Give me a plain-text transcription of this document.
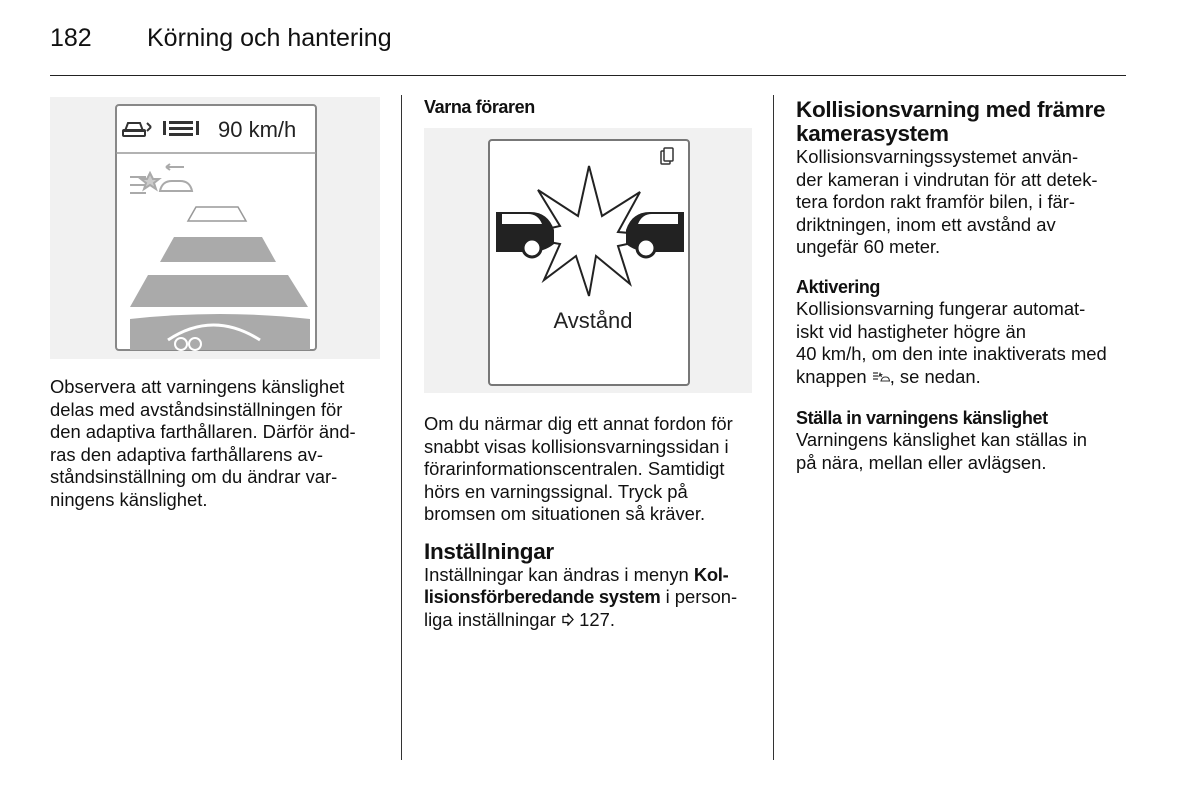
182 Körning och hantering
90 km/h

Observera att varningens känslighet

delas med avståndsinställningen för

den adaptiva farthållaren. Därför änd-

ras den adaptiva farthållarens av-

ståndsinställning om du ändrar var-

ningens känslighet.

Varna föraren

Avstånd

Om du närmar dig ett annat fordon för

snabbt visas kollisionsvarningssidan i

förarinformationscentralen. Samtidigt

hörs en varningssignal. Tryck på

bromsen om situationen så kräver.

Inställningar

Inställningar kan ändras i menyn Kol-

lisionsförberedande system i person-

liga inställningar  127.

Kollisionsvarning med främre

kamerasystem

Kollisionsvarningssystemet använ-

der kameran i vindrutan för att detek-

tera fordon rakt framför bilen, i fär-

driktningen, inom ett avstånd av

ungefär 60 meter.

Aktivering

Kollisionsvarning fungerar automat-

iskt vid hastigheter högre än

40 km/h, om den inte inaktiverats med

knappen , se nedan.

Ställa in varningens känslighet

Varningens känslighet kan ställas in

på nära, mellan eller avlägsen.
